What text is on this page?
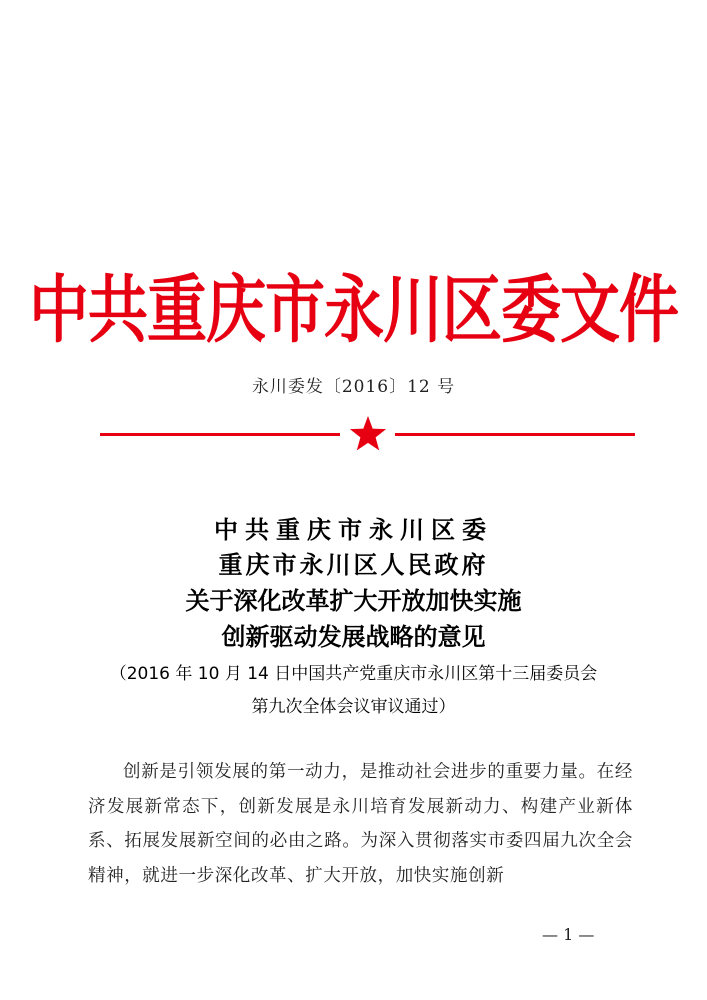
中共重庆市永川区委文件
永川委发〔2016〕12 号
中共重庆市永川区委
重庆市永川区人民政府
关于深化改革扩大开放加快实施
创新驱动发展战略的意见
（2016 年 10 月 14 日中国共产党重庆市永川区第十三届委员会
第九次全体会议审议通过）
创新是引领发展的第一动力，是推动社会进步的重要力量。在经济发展新常态下，创新发展是永川培育发展新动力、构建产业新体系、拓展发展新空间的必由之路。为深入贯彻落实市委四届九次全会精神，就进一步深化改革、扩大开放，加快实施创新
— 1 —
